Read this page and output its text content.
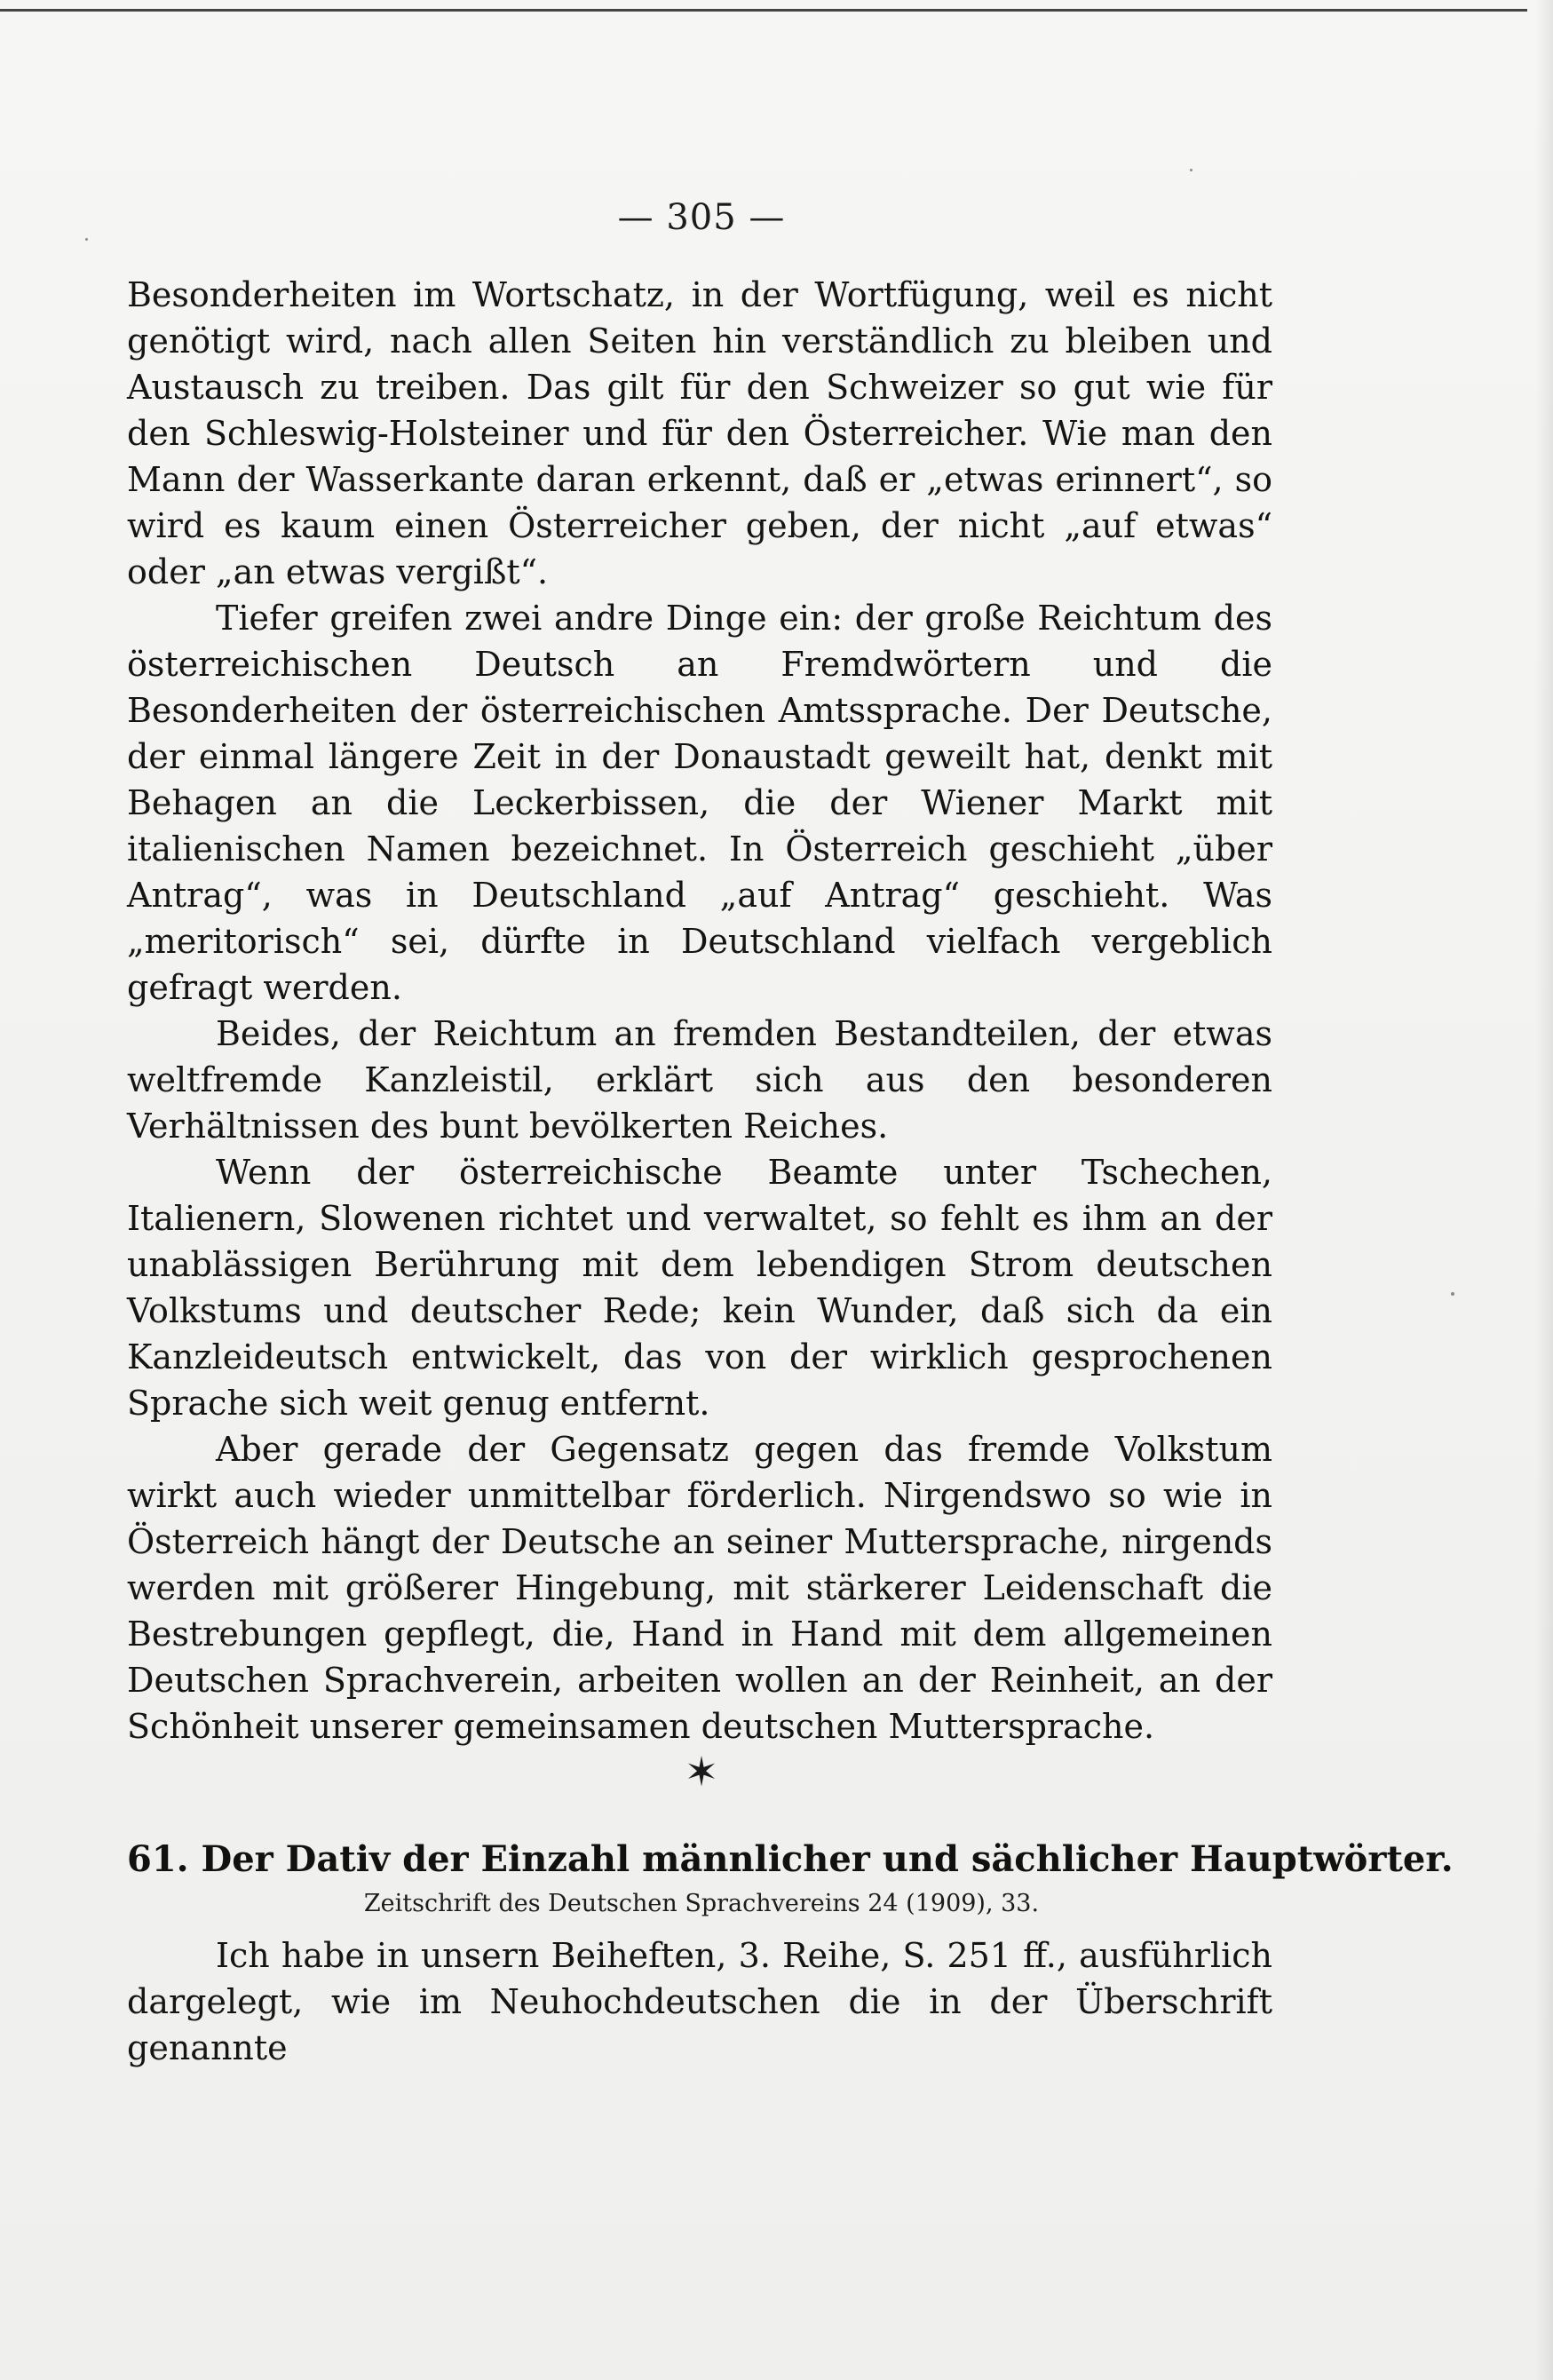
— 305 —

Besonderheiten im Wortschatz, in der Wortfügung, weil es nicht genötigt wird, nach allen Seiten hin verständlich zu bleiben und Austausch zu treiben. Das gilt für den Schweizer so gut wie für den Schleswig-Holsteiner und für den Österreicher. Wie man den Mann der Wasserkante daran erkennt, daß er „etwas erinnert“, so wird es kaum einen Österreicher geben, der nicht „auf etwas“ oder „an etwas vergißt“.

Tiefer greifen zwei andre Dinge ein: der große Reichtum des österreichischen Deutsch an Fremdwörtern und die Besonderheiten der österreichischen Amtssprache. Der Deutsche, der einmal längere Zeit in der Donaustadt geweilt hat, denkt mit Behagen an die Leckerbissen, die der Wiener Markt mit italienischen Namen bezeichnet. In Österreich geschieht „über Antrag“, was in Deutschland „auf Antrag“ geschieht. Was „meritorisch“ sei, dürfte in Deutschland vielfach vergeblich gefragt werden.

Beides, der Reichtum an fremden Bestandteilen, der etwas weltfremde Kanzleistil, erklärt sich aus den besonderen Verhältnissen des bunt bevölkerten Reiches.

Wenn der österreichische Beamte unter Tschechen, Italienern, Slowenen richtet und verwaltet, so fehlt es ihm an der unablässigen Berührung mit dem lebendigen Strom deutschen Volkstums und deutscher Rede; kein Wunder, daß sich da ein Kanzleideutsch entwickelt, das von der wirklich gesprochenen Sprache sich weit genug entfernt.

Aber gerade der Gegensatz gegen das fremde Volkstum wirkt auch wieder unmittelbar förderlich. Nirgendswo so wie in Österreich hängt der Deutsche an seiner Muttersprache, nirgends werden mit größerer Hingebung, mit stärkerer Leidenschaft die Bestrebungen gepflegt, die, Hand in Hand mit dem allgemeinen Deutschen Sprachverein, arbeiten wollen an der Reinheit, an der Schönheit unserer gemeinsamen deutschen Muttersprache.

✶
61. Der Dativ der Einzahl männlicher und sächlicher Hauptwörter.
Zeitschrift des Deutschen Sprachvereins 24 (1909), 33.

Ich habe in unsern Beiheften, 3. Reihe, S. 251 ff., ausführlich dargelegt, wie im Neuhochdeutschen die in der Überschrift genannte
